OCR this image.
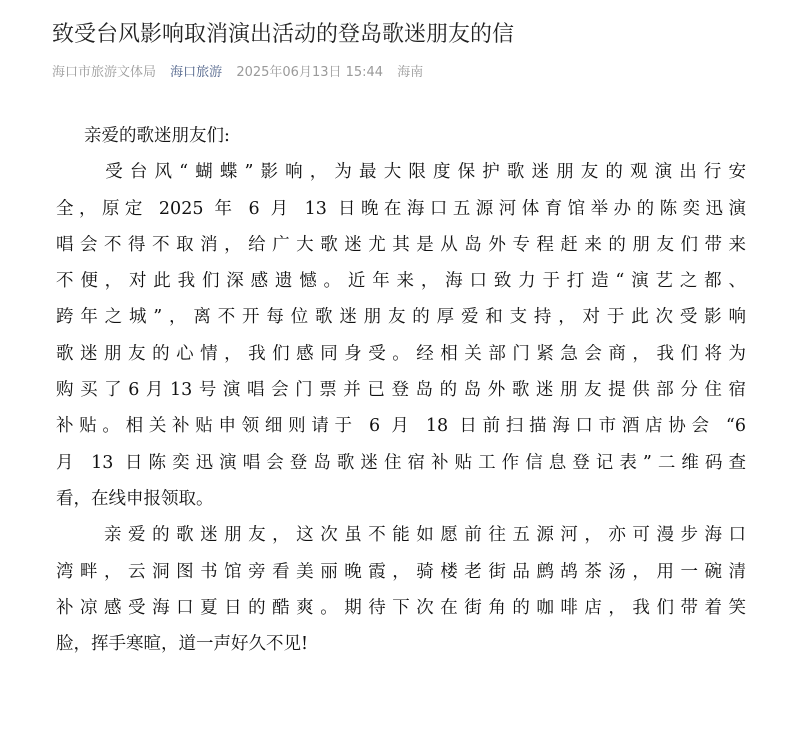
致受台风影响取消演出活动的登岛歌迷朋友的信
海口市旅游文体局 海口旅游 2025年06月13日 15:44 海南
亲爱的歌迷朋友们:
　　受台风“蝴蝶”影响，为最大限度保护歌迷朋友的观演出行安
全，原定 2025 年 6 月 13 日晚在海口五源河体育馆举办的陈奕迅演
唱会不得不取消，给广大歌迷尤其是从岛外专程赶来的朋友们带来
不便，对此我们深感遗憾。近年来，海口致力于打造“演艺之都、
跨年之城”，离不开每位歌迷朋友的厚爱和支持，对于此次受影响
歌迷朋友的心情，我们感同身受。经相关部门紧急会商，我们将为
购买了6月13号演唱会门票并已登岛的岛外歌迷朋友提供部分住宿
补贴。相关补贴申领细则请于 6 月 18 日前扫描海口市酒店协会 “6
月 13 日陈奕迅演唱会登岛歌迷住宿补贴工作信息登记表”二维码查
看，在线申报领取。
　　亲爱的歌迷朋友，这次虽不能如愿前往五源河，亦可漫步海口
湾畔，云洞图书馆旁看美丽晚霞，骑楼老街品鹧鸪茶汤，用一碗清
补凉感受海口夏日的酷爽。期待下次在街角的咖啡店，我们带着笑
脸，挥手寒暄，道一声好久不见!
